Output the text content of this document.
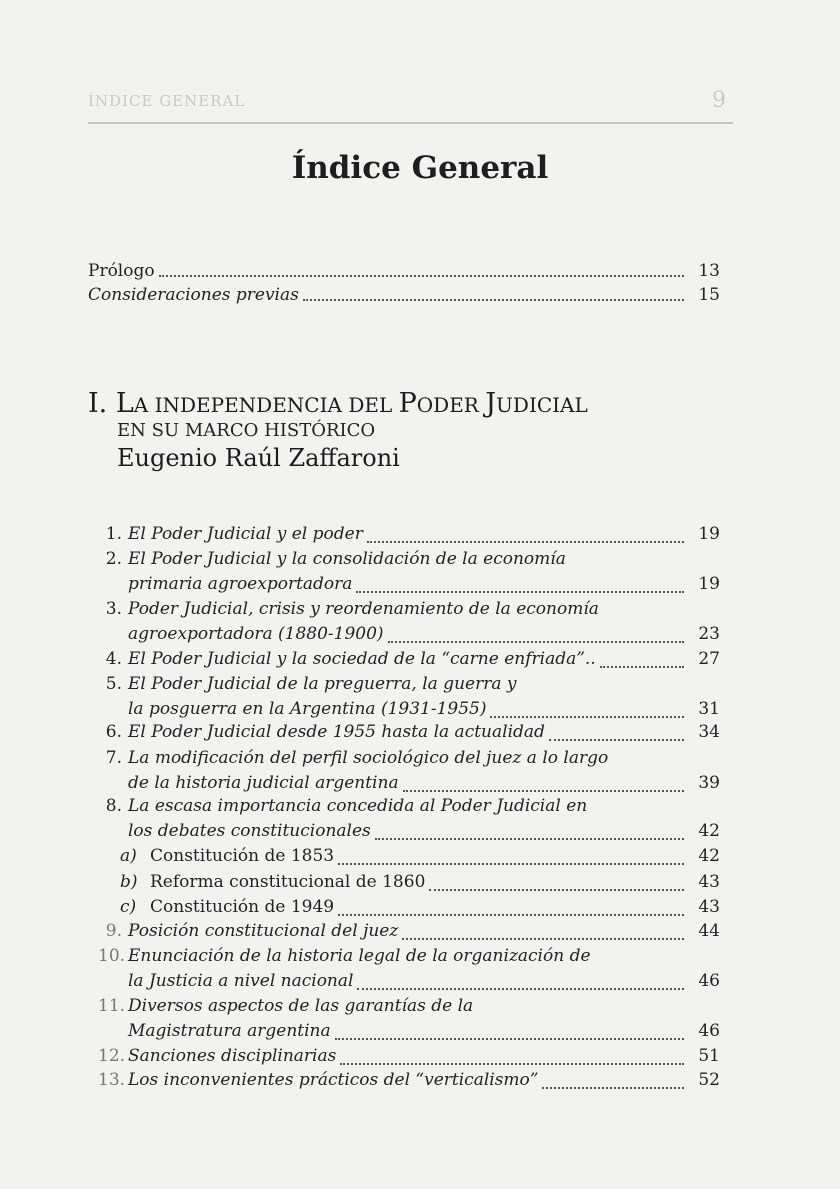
ÍNDICE GENERAL	9
Índice General
Prólogo	13
Consideraciones previas	15
I. LA INDEPENDENCIA DEL PODER JUDICIAL
EN SU MARCO HISTÓRICO
Eugenio Raúl Zaffaroni
1. El Poder Judicial y el poder	19
2. El Poder Judicial y la consolidación de la economía
primaria agroexportadora	19
3. Poder Judicial, crisis y reordenamiento de la economía
agroexportadora (1880-1900)	23
4. El Poder Judicial y la sociedad de la “carne enfriada”..	27
5. El Poder Judicial de la preguerra, la guerra y
la posguerra en la Argentina (1931-1955)	31
6. El Poder Judicial desde 1955 hasta la actualidad	34
7. La modificación del perfil sociológico del juez a lo largo
de la historia judicial argentina	39
8. La escasa importancia concedida al Poder Judicial en
los debates constitucionales	42
a) Constitución de 1853	42
b) Reforma constitucional de 1860	43
c) Constitución de 1949	43
9. Posición constitucional del juez	44
10. Enunciación de la historia legal de la organización de
la Justicia a nivel nacional	46
11. Diversos aspectos de las garantías de la
Magistratura argentina	46
12. Sanciones disciplinarias	51
13. Los inconvenientes prácticos del “verticalismo”	52
